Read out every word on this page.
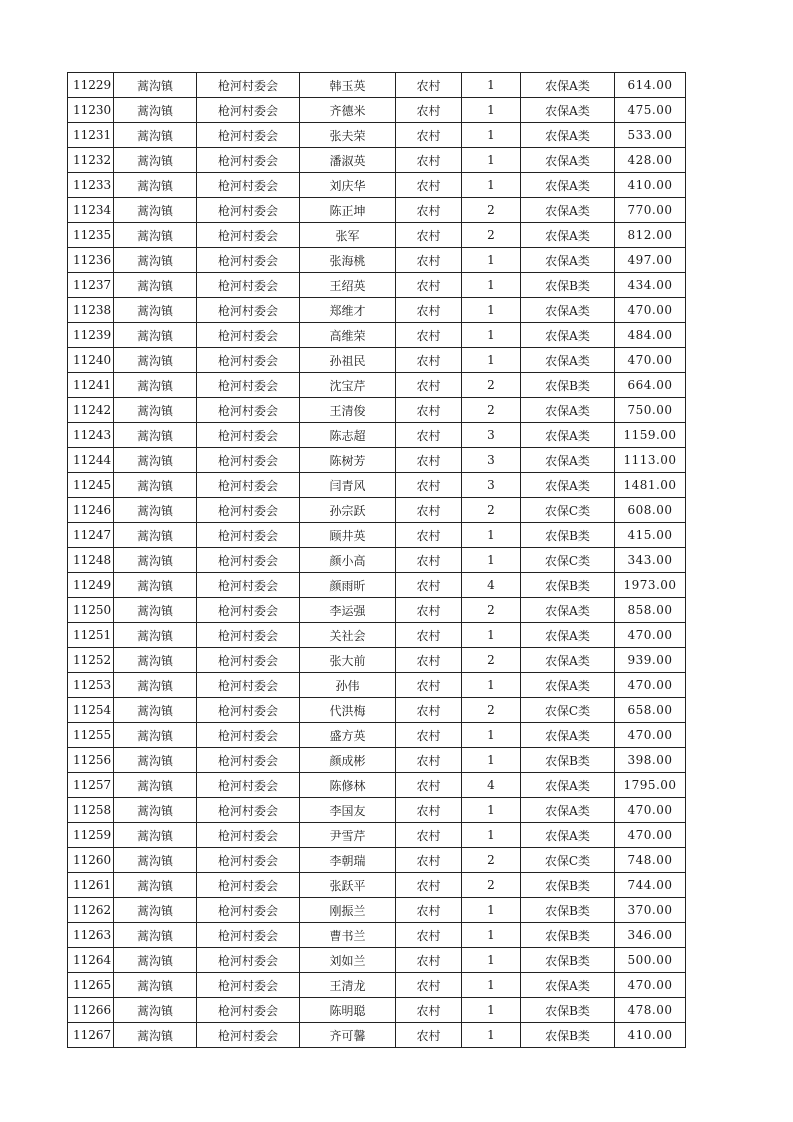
11229	蒿沟镇	枪河村委会	韩玉英	农村	1	农保A类	614.00
11230	蒿沟镇	枪河村委会	齐德米	农村	1	农保A类	475.00
11231	蒿沟镇	枪河村委会	张夫荣	农村	1	农保A类	533.00
11232	蒿沟镇	枪河村委会	潘淑英	农村	1	农保A类	428.00
11233	蒿沟镇	枪河村委会	刘庆华	农村	1	农保A类	410.00
11234	蒿沟镇	枪河村委会	陈正坤	农村	2	农保A类	770.00
11235	蒿沟镇	枪河村委会	张军	农村	2	农保A类	812.00
11236	蒿沟镇	枪河村委会	张海桃	农村	1	农保A类	497.00
11237	蒿沟镇	枪河村委会	王绍英	农村	1	农保B类	434.00
11238	蒿沟镇	枪河村委会	郑维才	农村	1	农保A类	470.00
11239	蒿沟镇	枪河村委会	高维荣	农村	1	农保A类	484.00
11240	蒿沟镇	枪河村委会	孙祖民	农村	1	农保A类	470.00
11241	蒿沟镇	枪河村委会	沈宝芹	农村	2	农保B类	664.00
11242	蒿沟镇	枪河村委会	王清俊	农村	2	农保A类	750.00
11243	蒿沟镇	枪河村委会	陈志超	农村	3	农保A类	1159.00
11244	蒿沟镇	枪河村委会	陈树芳	农村	3	农保A类	1113.00
11245	蒿沟镇	枪河村委会	闫青风	农村	3	农保A类	1481.00
11246	蒿沟镇	枪河村委会	孙宗跃	农村	2	农保C类	608.00
11247	蒿沟镇	枪河村委会	顾井英	农村	1	农保B类	415.00
11248	蒿沟镇	枪河村委会	颜小高	农村	1	农保C类	343.00
11249	蒿沟镇	枪河村委会	颜雨昕	农村	4	农保B类	1973.00
11250	蒿沟镇	枪河村委会	李运强	农村	2	农保A类	858.00
11251	蒿沟镇	枪河村委会	关社会	农村	1	农保A类	470.00
11252	蒿沟镇	枪河村委会	张大前	农村	2	农保A类	939.00
11253	蒿沟镇	枪河村委会	孙伟	农村	1	农保A类	470.00
11254	蒿沟镇	枪河村委会	代洪梅	农村	2	农保C类	658.00
11255	蒿沟镇	枪河村委会	盛方英	农村	1	农保A类	470.00
11256	蒿沟镇	枪河村委会	颜成彬	农村	1	农保B类	398.00
11257	蒿沟镇	枪河村委会	陈修林	农村	4	农保A类	1795.00
11258	蒿沟镇	枪河村委会	李国友	农村	1	农保A类	470.00
11259	蒿沟镇	枪河村委会	尹雪芹	农村	1	农保A类	470.00
11260	蒿沟镇	枪河村委会	李朝瑞	农村	2	农保C类	748.00
11261	蒿沟镇	枪河村委会	张跃平	农村	2	农保B类	744.00
11262	蒿沟镇	枪河村委会	刚振兰	农村	1	农保B类	370.00
11263	蒿沟镇	枪河村委会	曹书兰	农村	1	农保B类	346.00
11264	蒿沟镇	枪河村委会	刘如兰	农村	1	农保B类	500.00
11265	蒿沟镇	枪河村委会	王清龙	农村	1	农保A类	470.00
11266	蒿沟镇	枪河村委会	陈明聪	农村	1	农保B类	478.00
11267	蒿沟镇	枪河村委会	齐可馨	农村	1	农保B类	410.00
